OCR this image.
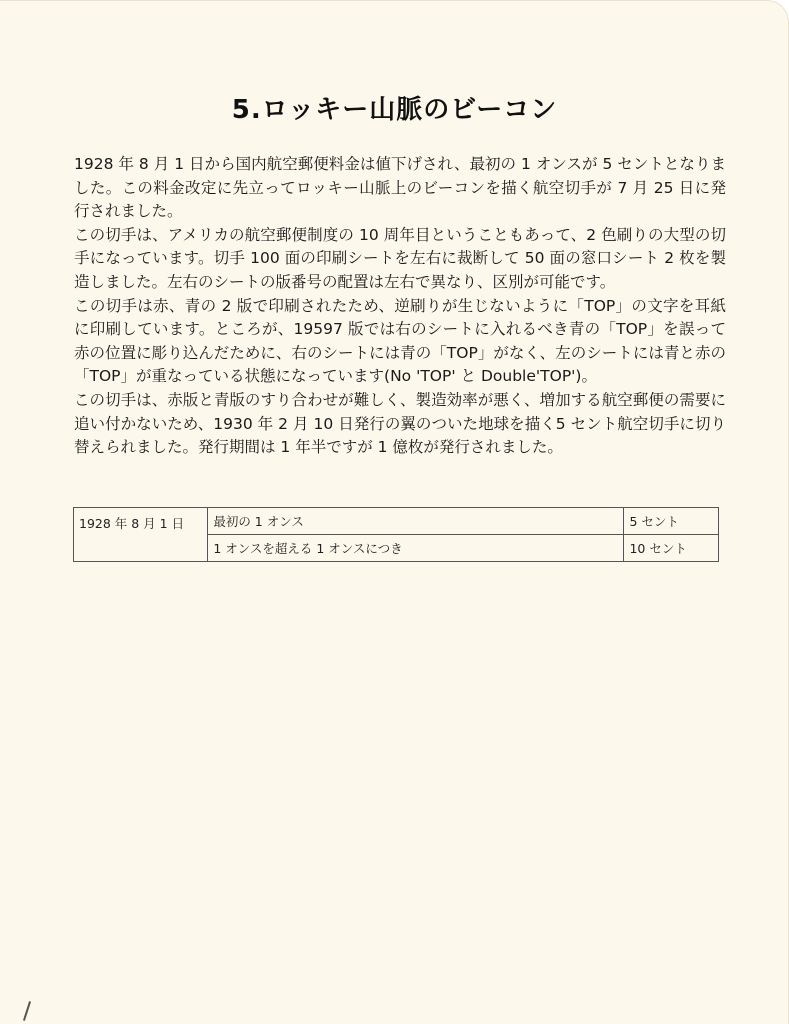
5.ロッキー山脈のビーコン

1928 年 8 月 1 日から国内航空郵便料金は値下げされ、最初の 1 オンスが 5 セントとなりました。この料金改定に先立ってロッキー山脈上のビーコンを描く航空切手が 7 月 25 日に発行されました。

この切手は、アメリカの航空郵便制度の 10 周年目ということもあって、2 色刷りの大型の切手になっています。切手 100 面の印刷シートを左右に裁断して 50 面の窓口シート 2 枚を製造しました。左右のシートの版番号の配置は左右で異なり、区別が可能です。

この切手は赤、青の 2 版で印刷されたため、逆刷りが生じないように「TOP」の文字を耳紙に印刷しています。ところが、19597 版では右のシートに入れるべき青の「TOP」を誤って赤の位置に彫り込んだために、右のシートには青の「TOP」がなく、左のシートには青と赤の「TOP」が重なっている状態になっています(No 'TOP' と Double'TOP')。

この切手は、赤版と青版のすり合わせが難しく、製造効率が悪く、増加する航空郵便の需要に追い付かないため、1930 年 2 月 10 日発行の翼のついた地球を描く5 セント航空切手に切り替えられました。発行期間は 1 年半ですが 1 億枚が発行されました。

1928 年 8 月 1 日	最初の 1 オンス	5 セント
	1 オンスを超える 1 オンスにつき	10 セント
